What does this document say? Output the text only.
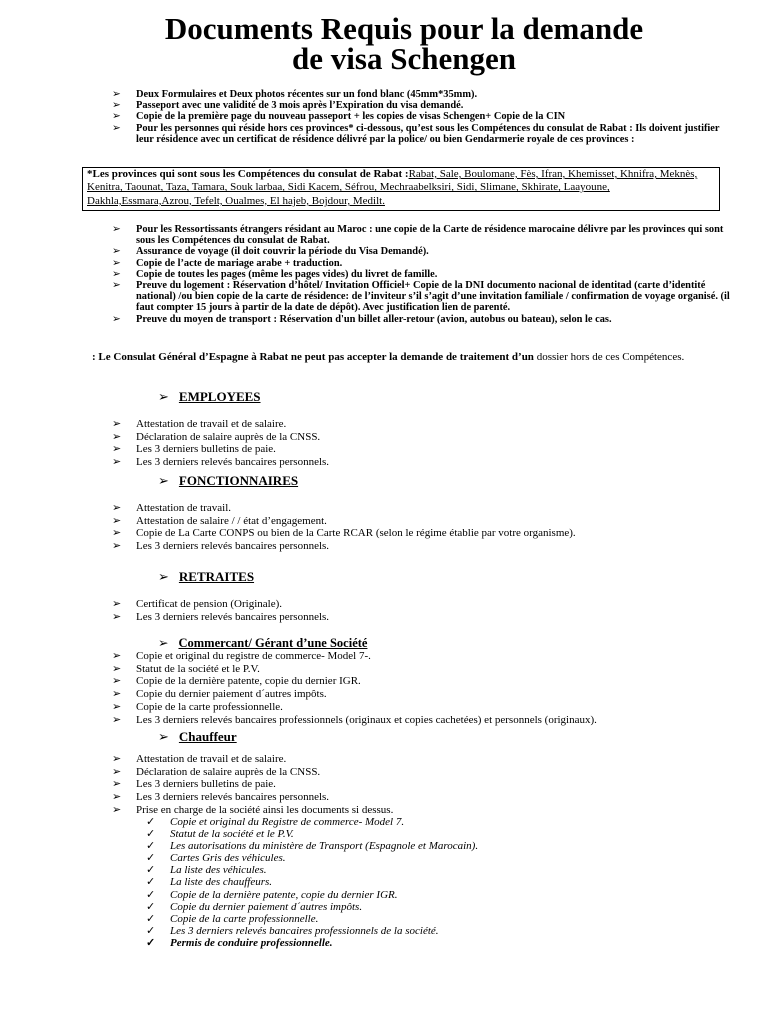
Documents Requis pour la demande
de visa Schengen

➢ Deux Formulaires et Deux photos récentes sur un fond blanc (45mm*35mm).

➢ Passeport avec une validité de 3 mois après l’Expiration du visa demandé.

➢ Copie de la première page du nouveau passeport + les copies de visas Schengen+ Copie de la CIN

➢ Pour les personnes qui réside hors ces provinces* ci-dessous, qu’est sous les Compétences du consulat de Rabat : Ils doivent justifier leur résidence avec un certificat de résidence délivré par la police/ ou bien Gendarmerie royale de ces provinces :

*Les provinces qui sont sous les Compétences du consulat de Rabat :Rabat, Sale, Boulomane, Fès, Ifran, Khemisset, Khnifra, Meknès, Kenitra, Taounat, Taza, Tamara, Souk larbaa, Sidi Kacem, Séfrou, Mechraabelksiri, Sidi, Slimane, Skhirate, Laayoune, Dakhla,Essmara,Azrou, Tefelt, Oualmes, El hajeb, Bojdour, Medilt.

➢ Pour les Ressortissants étrangers résidant au Maroc : une copie de la Carte de résidence marocaine délivre par les provinces qui sont sous les Compétences du consulat de Rabat.

➢ Assurance de voyage (il doit couvrir la période du Visa Demandé).

➢ Copie de l’acte de mariage arabe + traduction.

➢ Copie de toutes les pages (même les pages vides) du livret de famille.

➢ Preuve du logement : Réservation d’hôtel/ Invitation Officiel+ Copie de la DNI documento nacional de identitad (carte d’identité national) /ou bien copie de la carte de résidence: de l’inviteur s’il s’agit d’une invitation familiale / confirmation de voyage organisé. (il faut compter 15 jours à partir de la date de dépôt). Avec justification lien de parenté.

➢ Preuve du moyen de transport : Réservation d'un billet aller-retour (avion, autobus ou bateau), selon le cas.

: Le Consulat Général d’Espagne à Rabat ne peut pas accepter la demande de traitement d’un dossier hors de ces Compétences.
➢ EMPLOYEES
➢ Attestation de travail et de salaire.
➢ Déclaration de salaire auprès de la CNSS.
➢ Les 3 derniers bulletins de paie.
➢ Les 3 derniers relevés bancaires personnels.
➢ FONCTIONNAIRES
➢ Attestation de travail.
➢ Attestation de salaire / / état d’engagement.
➢ Copie de La Carte CONPS ou bien de la Carte RCAR (selon le régime établie par votre organisme).
➢ Les 3 derniers relevés bancaires personnels.
➢ RETRAITES
➢ Certificat de pension (Originale).
➢ Les 3 derniers relevés bancaires personnels.
➢ Commercant/ Gérant d’une Société
➢ Copie et original du registre de commerce- Model 7-.
➢ Statut de la société et le P.V.
➢ Copie de la dernière patente, copie du dernier IGR.
➢ Copie du dernier paiement d´autres impôts.
➢ Copie de la carte professionnelle.
➢ Les 3 derniers relevés bancaires professionnels (originaux et copies cachetées) et personnels (originaux).
➢ Chauffeur
➢ Attestation de travail et de salaire.
➢ Déclaration de salaire auprès de la CNSS.
➢ Les 3 derniers bulletins de paie.
➢ Les 3 derniers relevés bancaires personnels.
➢ Prise en charge de la société ainsi les documents si dessus.
✓ Copie et original du Registre de commerce- Model 7.
✓ Statut de la société et le P.V.
✓ Les autorisations du ministère de Transport (Espagnole et Marocain).
✓ Cartes Gris des véhicules.
✓ La liste des véhicules.
✓ La liste des chauffeurs.
✓ Copie de la dernière patente, copie du dernier IGR.
✓ Copie du dernier paiement d´autres impôts.
✓ Copie de la carte professionnelle.
✓ Les 3 derniers relevés bancaires professionnels de la société.
✓ Permis de conduire professionnelle.
